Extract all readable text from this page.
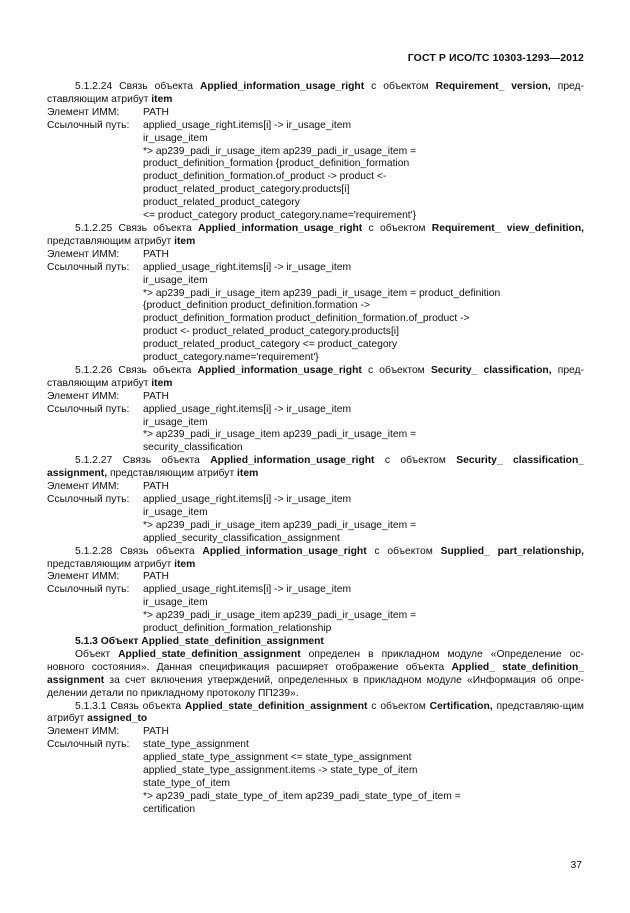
ГОСТ Р ИСО/ТС 10303-1293—2012

5.1.2.24 Связь объекта Applied_information_usage_right с объектом Requirement_ version, пред-ставляющим атрибут item

Элемент ИММ:	PATH
Ссылочный путь:	applied_usage_right.items[i] -> ir_usage_item
ir_usage_item
*> ap239_padi_ir_usage_item ap239_padi_ir_usage_item =
product_definition_formation {product_definition_formation
product_definition_formation.of_product -> product <-
product_related_product_category.products[i]
product_related_product_category
<= product_category product_category.name='requirement'}

5.1.2.25 Связь объекта Applied_information_usage_right с объектом Requirement_ view_definition, представляющим атрибут item

Элемент ИММ:	PATH
Ссылочный путь:	applied_usage_right.items[i] -> ir_usage_item
ir_usage_item
*> ap239_padi_ir_usage_item ap239_padi_ir_usage_item = product_definition
{product_definition product_definition.formation ->
product_definition_formation product_definition_formation.of_product ->
product <- product_related_product_category.products[i]
product_related_product_category <= product_category
product_category.name='requirement'}

5.1.2.26 Связь объекта Applied_information_usage_right с объектом Security_ classification, пред-ставляющим атрибут item

Элемент ИММ:	PATH
Ссылочный путь:	applied_usage_right.items[i] -> ir_usage_item
ir_usage_item
*> ap239_padi_ir_usage_item ap239_padi_ir_usage_item =
security_classification

5.1.2.27 Связь объекта Applied_information_usage_right с объектом Security_ classification_ assignment, представляющим атрибут item

Элемент ИММ:	PATH
Ссылочный путь:	applied_usage_right.items[i] -> ir_usage_item
ir_usage_item
*> ap239_padi_ir_usage_item ap239_padi_ir_usage_item =
applied_security_classification_assignment

5.1.2.28 Связь объекта Applied_information_usage_right с объектом Supplied_ part_relationship, представляющим атрибут item

Элемент ИММ:	PATH
Ссылочный путь:	applied_usage_right.items[i] -> ir_usage_item
ir_usage_item
*> ap239_padi_ir_usage_item ap239_padi_ir_usage_item =
product_definition_formation_relationship

5.1.3 Объект Applied_state_definition_assignment

Объект Applied_state_definition_assignment определен в прикладном модуле «Определение ос-новного состояния». Данная спецификация расширяет отображение объекта Applied_ state_definition_ assignment за счет включения утверждений, определенных в прикладном модуле «Информация об опре-делении детали по прикладному протоколу ПП239».

5.1.3.1 Связь объекта Applied_state_definition_assignment с объектом Certification, представляю-щим атрибут assigned_to

Элемент ИММ:	PATH
Ссылочный путь:	state_type_assignment
applied_state_type_assignment <= state_type_assignment
applied_state_type_assignment.items -> state_type_of_item
state_type_of_item
*> ap239_padi_state_type_of_item ap239_padi_state_type_of_item =
certification
37
